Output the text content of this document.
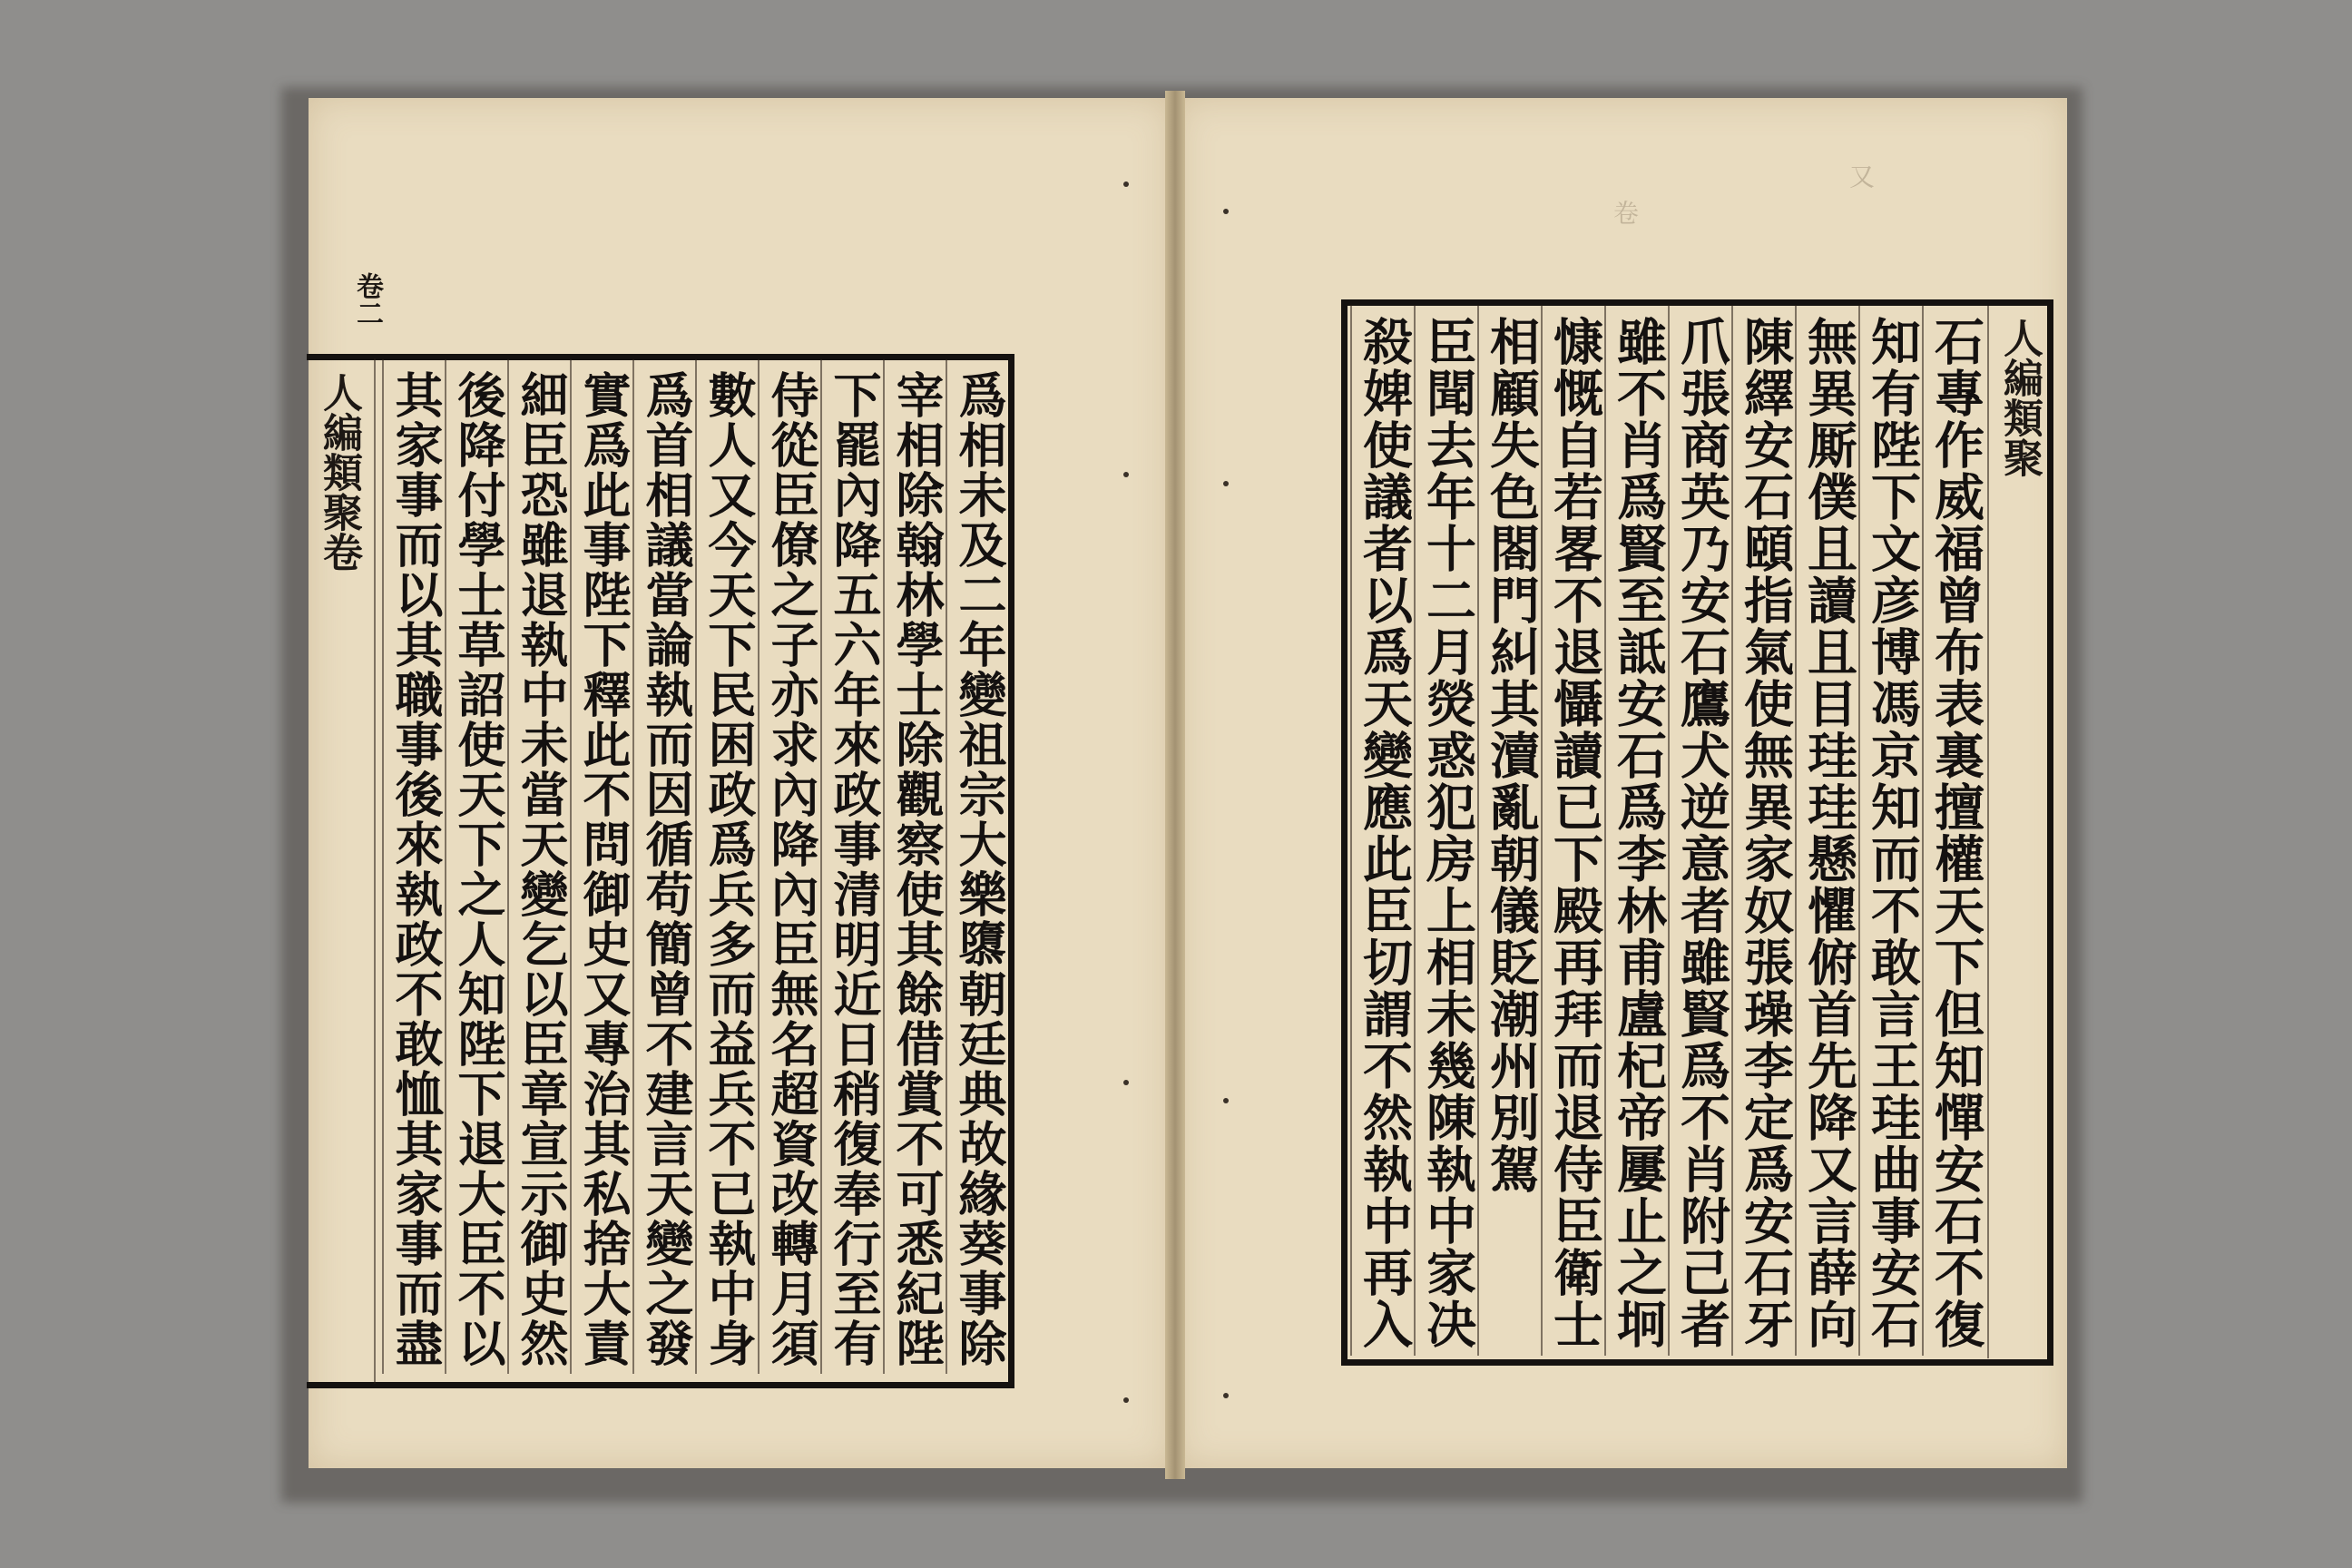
又
卷
卷二
人編類聚卷	爲相未及二年變祖宗大樂隳朝廷典故緣葵事除
宰相除翰林學士除觀察使其餘借賞不可悉紀陛
下罷內降五六年來政事清明近日稍復奉行至有
侍從臣僚之子亦求內降內臣無名超資改轉月須
數人又今天下民困政爲兵多而益兵不已執中身
爲首相議當論執而因循苟簡曾不建言天變之發
實爲此事陛下釋此不問御史又專治其私捨大責
細臣恐雖退執中未當天變乞以臣章宣示御史然
後降付學士草詔使天下之人知陛下退大臣不以
其家事而以其職事後來執政不敢恤其家事而盡	人編類聚
石專作威福曾布表裏擅權天下但知憚安石不復
知有陛下文彦博馮京知而不敢言王珪曲事安石
無異厮僕且讀且目珪珪懸懼俯首先降又言薛向
陳繹安石頤指氣使無異家奴張璪李定爲安石牙
爪張商英乃安石鷹犬逆意者雖賢爲不肖附己者
雖不肖爲賢至詆安石爲李林甫盧杞帝屢止之坰
慷慨自若畧不退懾讀已下殿再拜而退侍臣衛士
相顧失色閤門糾其瀆亂朝儀貶潮州別駕
臣聞去年十二月熒惑犯房上相未幾陳執中家决
殺婢使議者以爲天變應此臣切謂不然執中再入
